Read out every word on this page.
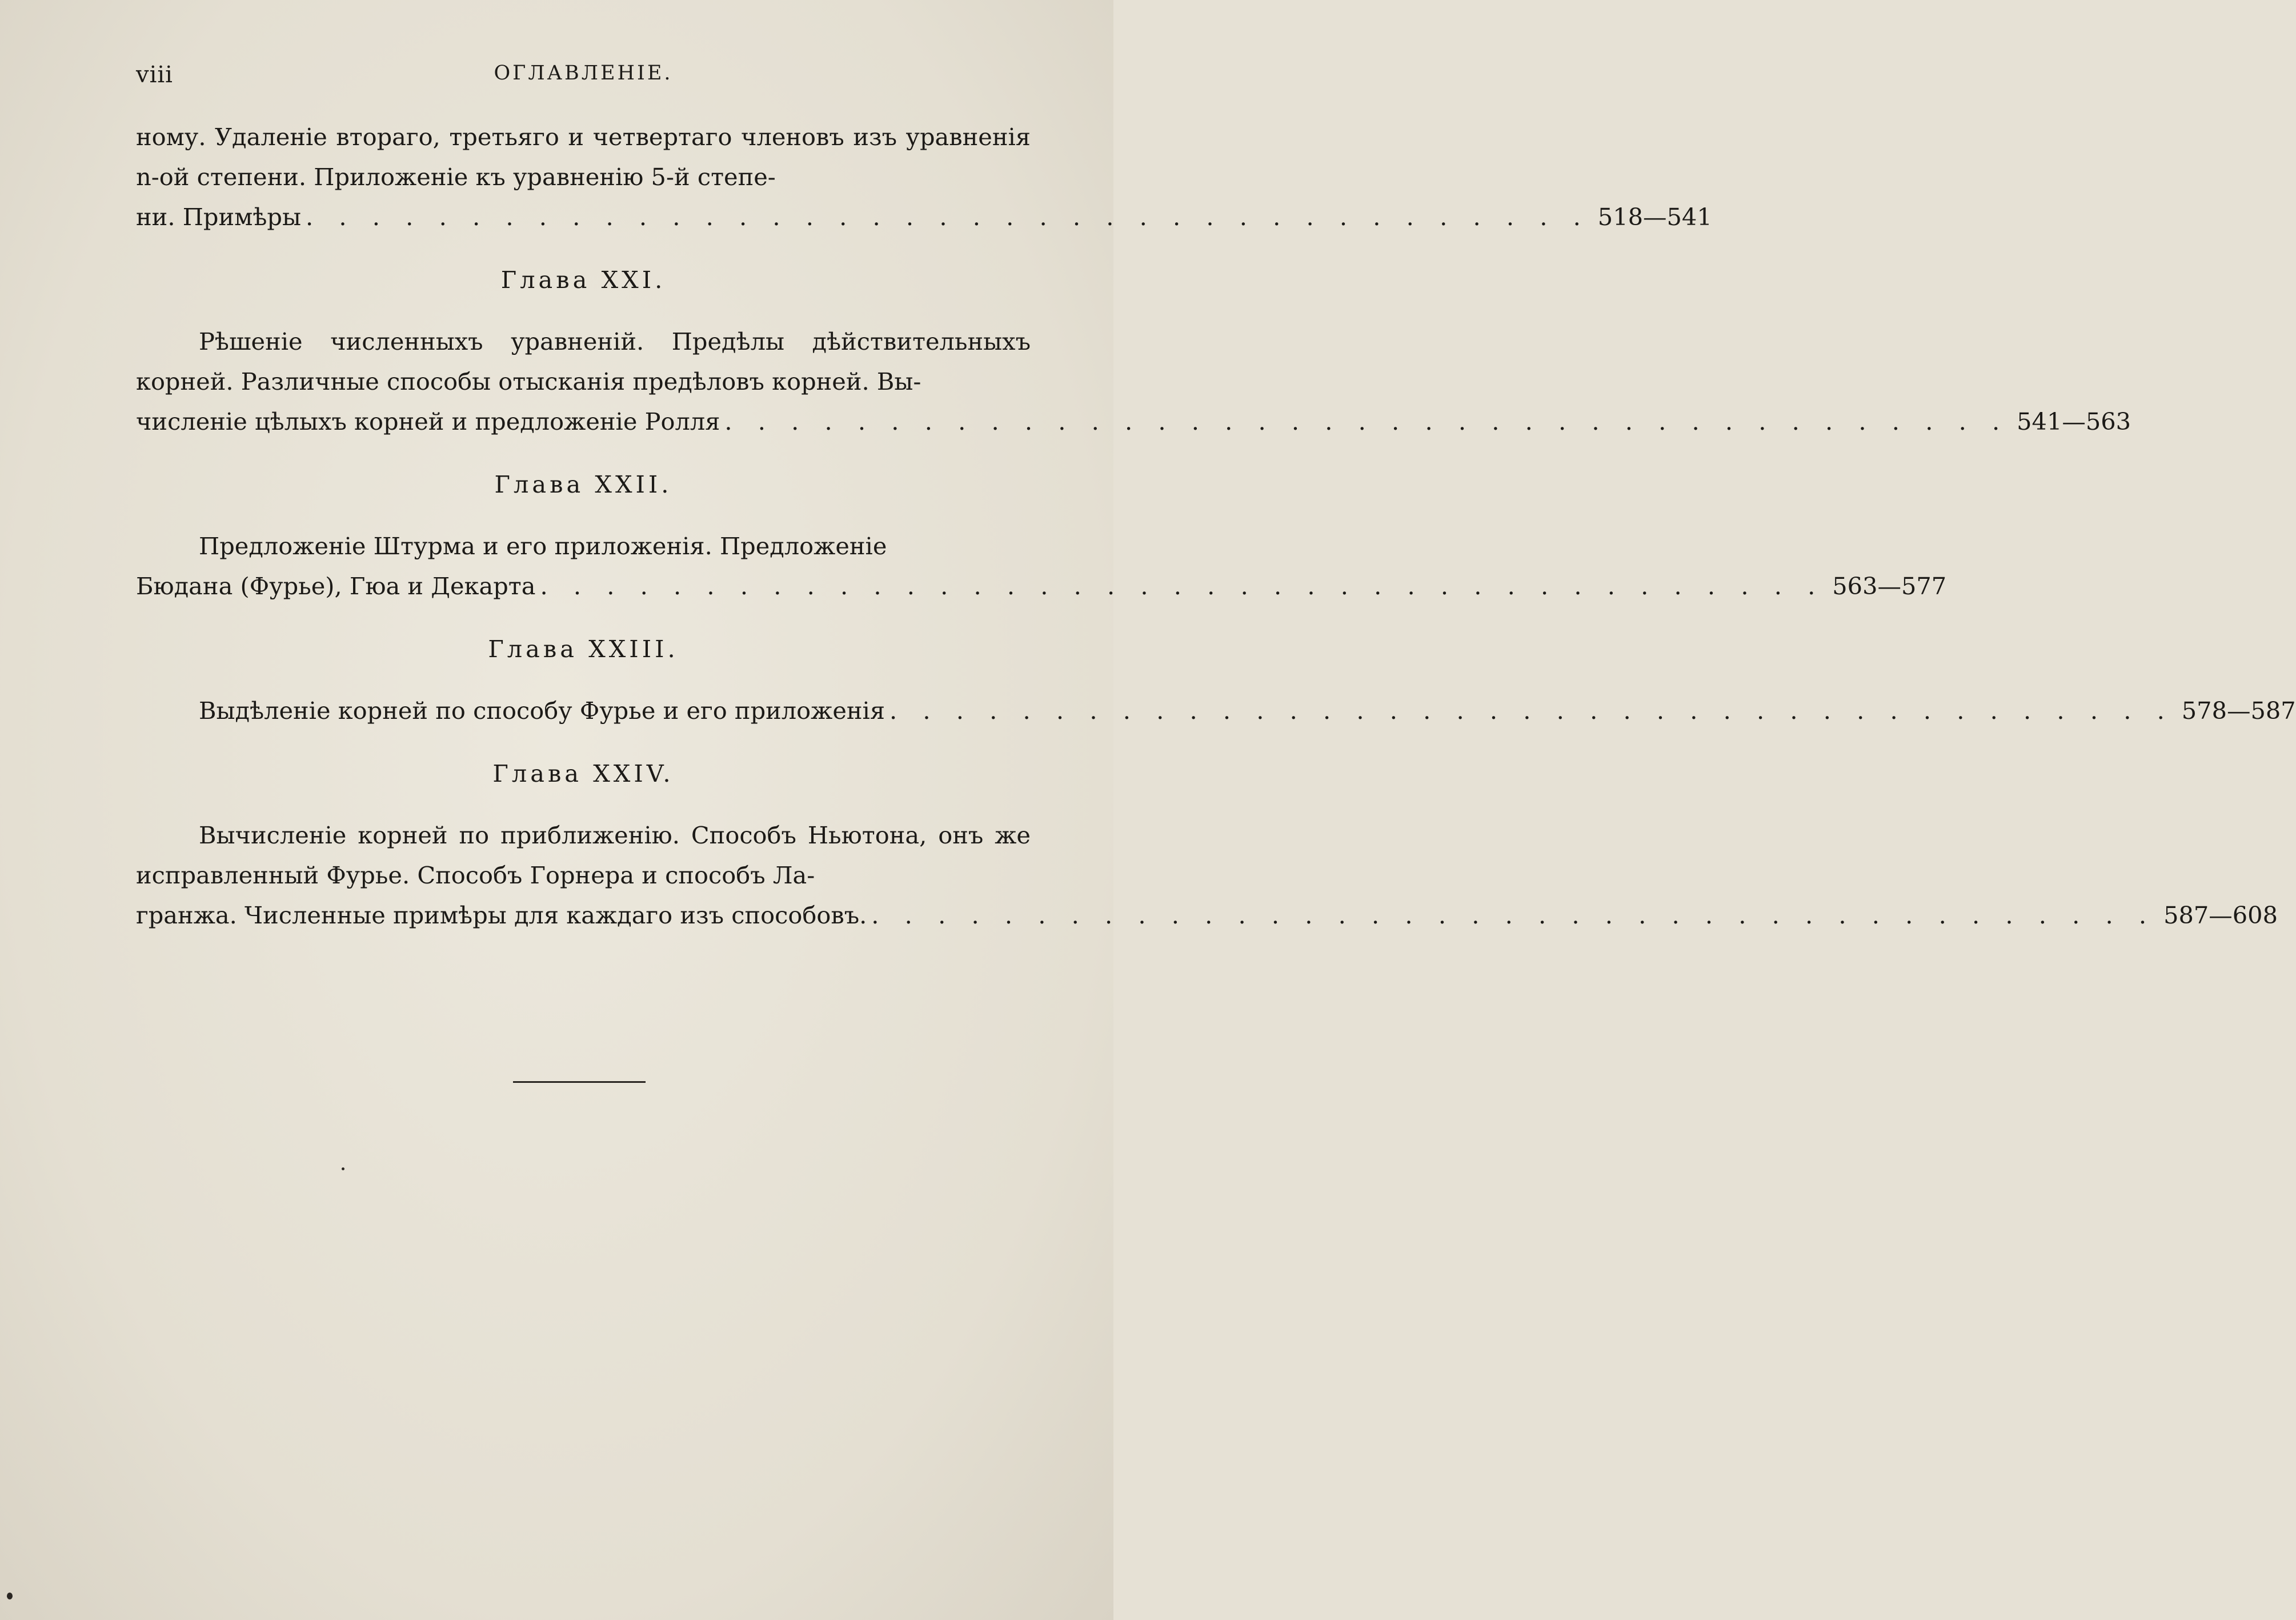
viii	ОГЛАВЛЕНІЕ.

ному. Удаленіе втораго, третьяго и четвертаго членовъ изъ уравненія n-ой степени. Приложеніе къ уравненію 5-й степе-

ни. Примѣры . . . . . . . . . . . . . . . . . . . . . . . . . . . . . . . . . . . . . . . 518—541
Глава XXI.

Рѣшеніе численныхъ уравненій. Предѣлы дѣйствительныхъ корней. Различные способы отысканія предѣловъ корней. Вы-

численіе цѣлыхъ корней и предложеніе Ролля . . . . . . . . . . . . . . . . . . . . . . . . . . . . . . . . . . . . . . . 541—563
Глава XXII.

Предложеніе Штурма и его приложенія. Предложеніе

Бюдана (Фурье), Гюа и Декарта . . . . . . . . . . . . . . . . . . . . . . . . . . . . . . . . . . . . . . . 563—577
Глава XXIII.
Выдѣленіе корней по способу Фурье и его приложенія . . . . . . . . . . . . . . . . . . . . . . . . . . . . . . . . . . . . . . . 578—587
Глава XXIV.

Вычисленіе корней по приближенію. Способъ Ньютона, онъ же исправленный Фурье. Способъ Горнера и способъ Ла-

гранжа. Численные примѣры для каждаго изъ способовъ. . . . . . . . . . . . . . . . . . . . . . . . . . . . . . . . . . . . . . . . 587—608
